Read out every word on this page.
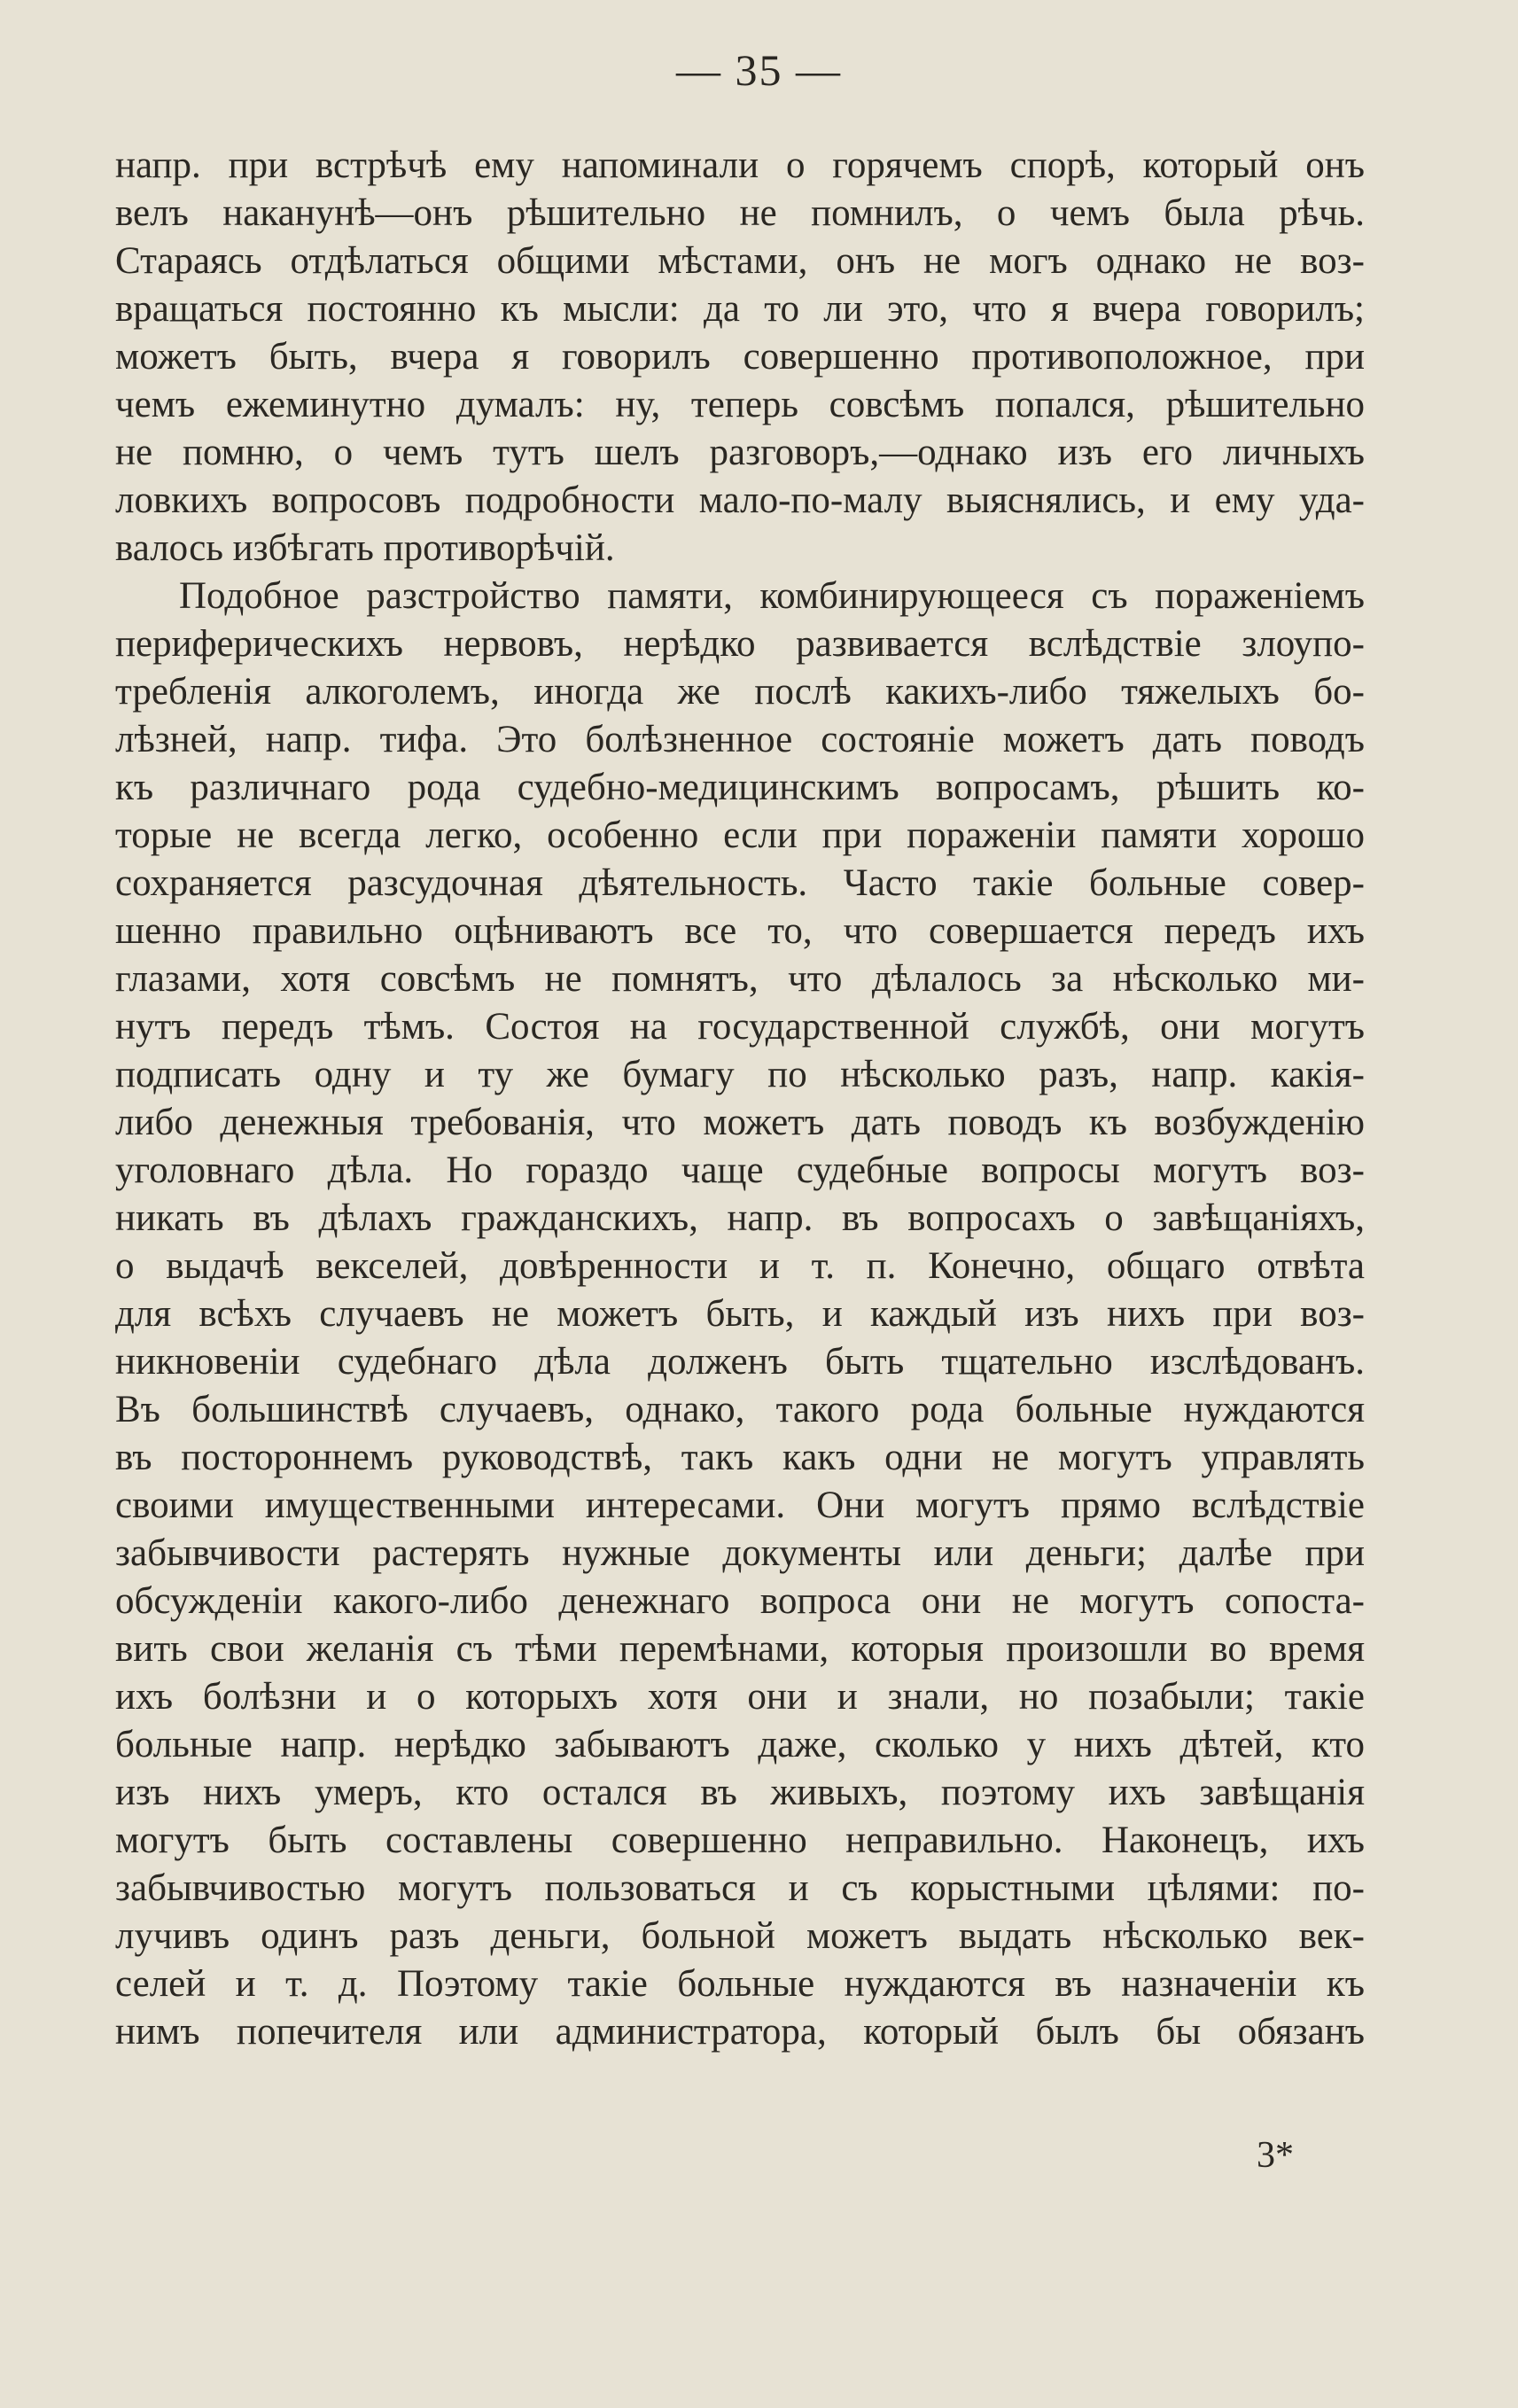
— 35 —
напр. при встрѣчѣ ему напоминали о горячемъ спорѣ, который онъ
велъ наканунѣ—онъ рѣшительно не помнилъ, о чемъ была рѣчь.
Стараясь отдѣлаться общими мѣстами, онъ не могъ однако не воз-
вращаться постоянно къ мысли: да то ли это, что я вчера говорилъ;
можетъ быть, вчера я говорилъ совершенно противоположное, при
чемъ ежеминутно думалъ: ну, теперь совсѣмъ попался, рѣшительно
не помню, о чемъ тутъ шелъ разговоръ,—однако изъ его личныхъ
ловкихъ вопросовъ подробности мало-по-малу выяснялись, и ему уда-
валось избѣгать противорѣчій.
Подобное разстройство памяти, комбинирующееся съ пораженіемъ
периферическихъ нервовъ, нерѣдко развивается вслѣдствіе злоупо-
требленія алкоголемъ, иногда же послѣ какихъ-либо тяжелыхъ бо-
лѣзней, напр. тифа. Это болѣзненное состояніе можетъ дать поводъ
къ различнаго рода судебно-медицинскимъ вопросамъ, рѣшить ко-
торые не всегда легко, особенно если при пораженіи памяти хорошо
сохраняется разсудочная дѣятельность. Часто такіе больные совер-
шенно правильно оцѣниваютъ все то, что совершается передъ ихъ
глазами, хотя совсѣмъ не помнятъ, что дѣлалось за нѣсколько ми-
нутъ передъ тѣмъ. Состоя на государственной службѣ, они могутъ
подписать одну и ту же бумагу по нѣсколько разъ, напр. какія-
либо денежныя требованія, что можетъ дать поводъ къ возбужденію
уголовнаго дѣла. Но гораздо чаще судебные вопросы могутъ воз-
никать въ дѣлахъ гражданскихъ, напр. въ вопросахъ о завѣщаніяхъ,
о выдачѣ векселей, довѣренности и т. п. Конечно, общаго отвѣта
для всѣхъ случаевъ не можетъ быть, и каждый изъ нихъ при воз-
никновеніи судебнаго дѣла долженъ быть тщательно изслѣдованъ.
Въ большинствѣ случаевъ, однако, такого рода больные нуждаются
въ постороннемъ руководствѣ, такъ какъ одни не могутъ управлять
своими имущественными интересами. Они могутъ прямо вслѣдствіе
забывчивости растерять нужные документы или деньги; далѣе при
обсужденіи какого-либо денежнаго вопроса они не могутъ сопоста-
вить свои желанія съ тѣми перемѣнами, которыя произошли во время
ихъ болѣзни и о которыхъ хотя они и знали, но позабыли; такіе
больные напр. нерѣдко забываютъ даже, сколько у нихъ дѣтей, кто
изъ нихъ умеръ, кто остался въ живыхъ, поэтому ихъ завѣщанія
могутъ быть составлены совершенно неправильно. Наконецъ, ихъ
забывчивостью могутъ пользоваться и съ корыстными цѣлями: по-
лучивъ одинъ разъ деньги, больной можетъ выдать нѣсколько век-
селей и т. д. Поэтому такіе больные нуждаются въ назначеніи къ
нимъ попечителя или администратора, который былъ бы обязанъ
3*
